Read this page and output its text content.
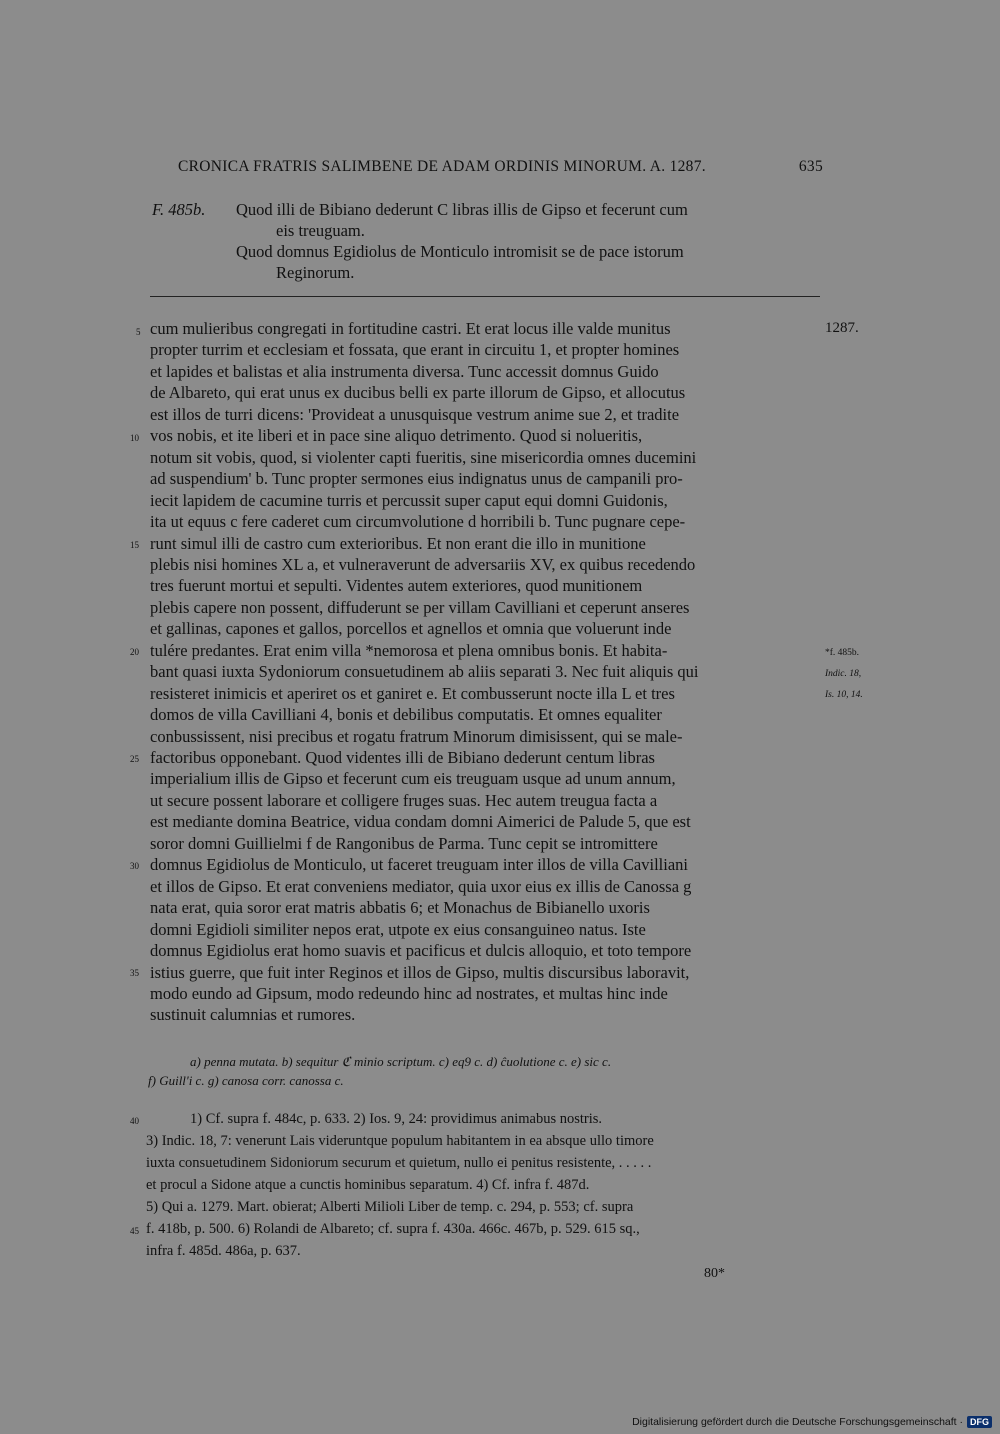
CRONICA FRATRIS SALIMBENE DE ADAM ORDINIS MINORUM. A. 1287.	635
F. 485b. Quod illi de Bibiano dederunt C libras illis de Gipso et fecerunt cum
eis treuguam.
Quod domnus Egidiolus de Monticulo intromisit se de pace istorum
Reginorum.
cum mulieribus congregati in fortitudine castri. Et erat locus ille valde munitus
propter turrim et ecclesiam et fossata, que erant in circuitu 1, et propter homines
et lapides et balistas et alia instrumenta diversa. Tunc accessit domnus Guido
de Albareto, qui erat unus ex ducibus belli ex parte illorum de Gipso, et allocutus
est illos de turri dicens: 'Provideat a unusquisque vestrum anime sue 2, et tradite
vos nobis, et ite liberi et in pace sine aliquo detrimento. Quod si nolueritis,
notum sit vobis, quod, si violenter capti fueritis, sine misericordia omnes ducemini
ad suspendium' b. Tunc propter sermones eius indignatus unus de campanili pro-
iecit lapidem de cacumine turris et percussit super caput equi domni Guidonis,
ita ut equus c fere caderet cum circumvolutione d horribili b. Tunc pugnare cepe-
runt simul illi de castro cum exterioribus. Et non erant die illo in munitione
plebis nisi homines XL a, et vulneraverunt de adversariis XV, ex quibus recedendo
tres fuerunt mortui et sepulti. Videntes autem exteriores, quod munitionem
plebis capere non possent, diffuderunt se per villam Cavilliani et ceperunt anseres
et gallinas, capones et gallos, porcellos et agnellos et omnia que voluerunt inde
tulére predantes. Erat enim villa *nemorosa et plena omnibus bonis. Et habita-
bant quasi iuxta Sydoniorum consuetudinem ab aliis separati 3. Nec fuit aliquis qui
resisteret inimicis et aperiret os et ganiret e. Et combusserunt nocte illa L et tres
domos de villa Cavilliani 4, bonis et debilibus computatis. Et omnes equaliter
conbussissent, nisi precibus et rogatu fratrum Minorum dimisissent, qui se male-
factoribus opponebant. Quod videntes illi de Bibiano dederunt centum libras
imperialium illis de Gipso et fecerunt cum eis treuguam usque ad unum annum,
ut secure possent laborare et colligere fruges suas. Hec autem treugua facta a
est mediante domina Beatrice, vidua condam domni Aimerici de Palude 5, que est
soror domni Guillielmi f de Rangonibus de Parma. Tunc cepit se intromittere
domnus Egidiolus de Monticulo, ut faceret treuguam inter illos de villa Cavilliani
et illos de Gipso. Et erat conveniens mediator, quia uxor eius ex illis de Canossa g
nata erat, quia soror erat matris abbatis 6; et Monachus de Bibianello uxoris
domni Egidioli similiter nepos erat, utpote ex eius consanguineo natus. Iste
domnus Egidiolus erat homo suavis et pacificus et dulcis alloquio, et toto tempore
istius guerre, que fuit inter Reginos et illos de Gipso, multis discursibus laboravit,
modo eundo ad Gipsum, modo redeundo hinc ad nostrates, et multas hinc inde
sustinuit calumnias et rumores.
5
10
15
20
25
30
35
1287.
*f. 485b.
Indic. 18,
Is. 10, 14.
a) penna mutata. b) sequitur ℭ minio scriptum. c) eq9 c. d) ĉuolutione c. e) sic c.
f) Guill'i c. g) canosa corr. canossa c.
40	1) Cf. supra f. 484c, p. 633. 2) Ios. 9, 24: providimus animabus nostris.
3) Indic. 18, 7: venerunt Lais videruntque populum habitantem in ea absque ullo timore
iuxta consuetudinem Sidoniorum securum et quietum, nullo ei penitus resistente, . . . . .
et procul a Sidone atque a cunctis hominibus separatum. 4) Cf. infra f. 487d.
5) Qui a. 1279. Mart. obierat; Alberti Milioli Liber de temp. c. 294, p. 553; cf. supra
45 f. 418b, p. 500. 6) Rolandi de Albareto; cf. supra f. 430a. 466c. 467b, p. 529. 615 sq.,
infra f. 485d. 486a, p. 637.
80*
Digitalisierung gefördert durch die Deutsche Forschungsgemeinschaft · DFG
